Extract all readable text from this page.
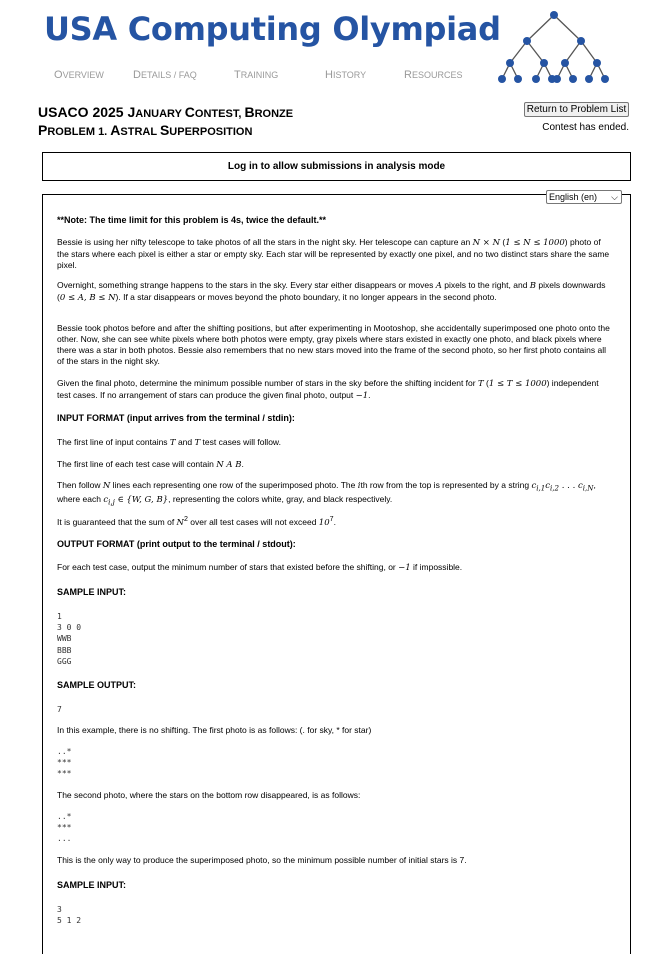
USA Computing Olympiad
OVERVIEW	DETAILS / FAQ	TRAINING	HISTORY	RESOURCES
USACO 2025 JANUARY CONTEST, BRONZE
PROBLEM 1. ASTRAL SUPERPOSITION
Return to Problem List
Contest has ended.
Log in to allow submissions in analysis mode
English (en) ⌵
**Note: The time limit for this problem is 4s, twice the default.**
Bessie is using her nifty telescope to take photos of all the stars in the night sky. Her telescope can capture an N × N (1 ≤ N ≤ 1000) photo of the stars where each pixel is either a star or empty sky. Each star will be represented by exactly one pixel, and no two distinct stars share the same pixel.
Overnight, something strange happens to the stars in the sky. Every star either disappears or moves A pixels to the right, and B pixels downwards (0 ≤ A, B ≤ N). If a star disappears or moves beyond the photo boundary, it no longer appears in the second photo.
Bessie took photos before and after the shifting positions, but after experimenting in Mootoshop, she accidentally superimposed one photo onto the other. Now, she can see white pixels where both photos were empty, gray pixels where stars existed in exactly one photo, and black pixels where there was a star in both photos. Bessie also remembers that no new stars moved into the frame of the second photo, so her first photo contains all of the stars in the night sky.
Given the final photo, determine the minimum possible number of stars in the sky before the shifting incident for T (1 ≤ T ≤ 1000) independent test cases. If no arrangement of stars can produce the given final photo, output −1.
INPUT FORMAT (input arrives from the terminal / stdin):
The first line of input contains T and T test cases will follow.
The first line of each test case will contain N A B.
Then follow N lines each representing one row of the superimposed photo. The ith row from the top is represented by a string $c_{i,1}c_{i,2}$ . . . $c_{i,N}$, where each $c_{i,j}$ ∈ {W, G, B}, representing the colors white, gray, and black respectively.
It is guaranteed that the sum of $N^2$ over all test cases will not exceed $10^7$.
OUTPUT FORMAT (print output to the terminal / stdout):
For each test case, output the minimum number of stars that existed before the shifting, or −1 if impossible.
SAMPLE INPUT:
1
3 0 0
WWB
BBB
GGG
SAMPLE OUTPUT:
7
In this example, there is no shifting. The first photo is as follows: (. for sky, * for star)
..*
***
***
The second photo, where the stars on the bottom row disappeared, is as follows:
..*
***
...
This is the only way to produce the superimposed photo, so the minimum possible number of initial stars is 7.
SAMPLE INPUT:
3
5 1 2
